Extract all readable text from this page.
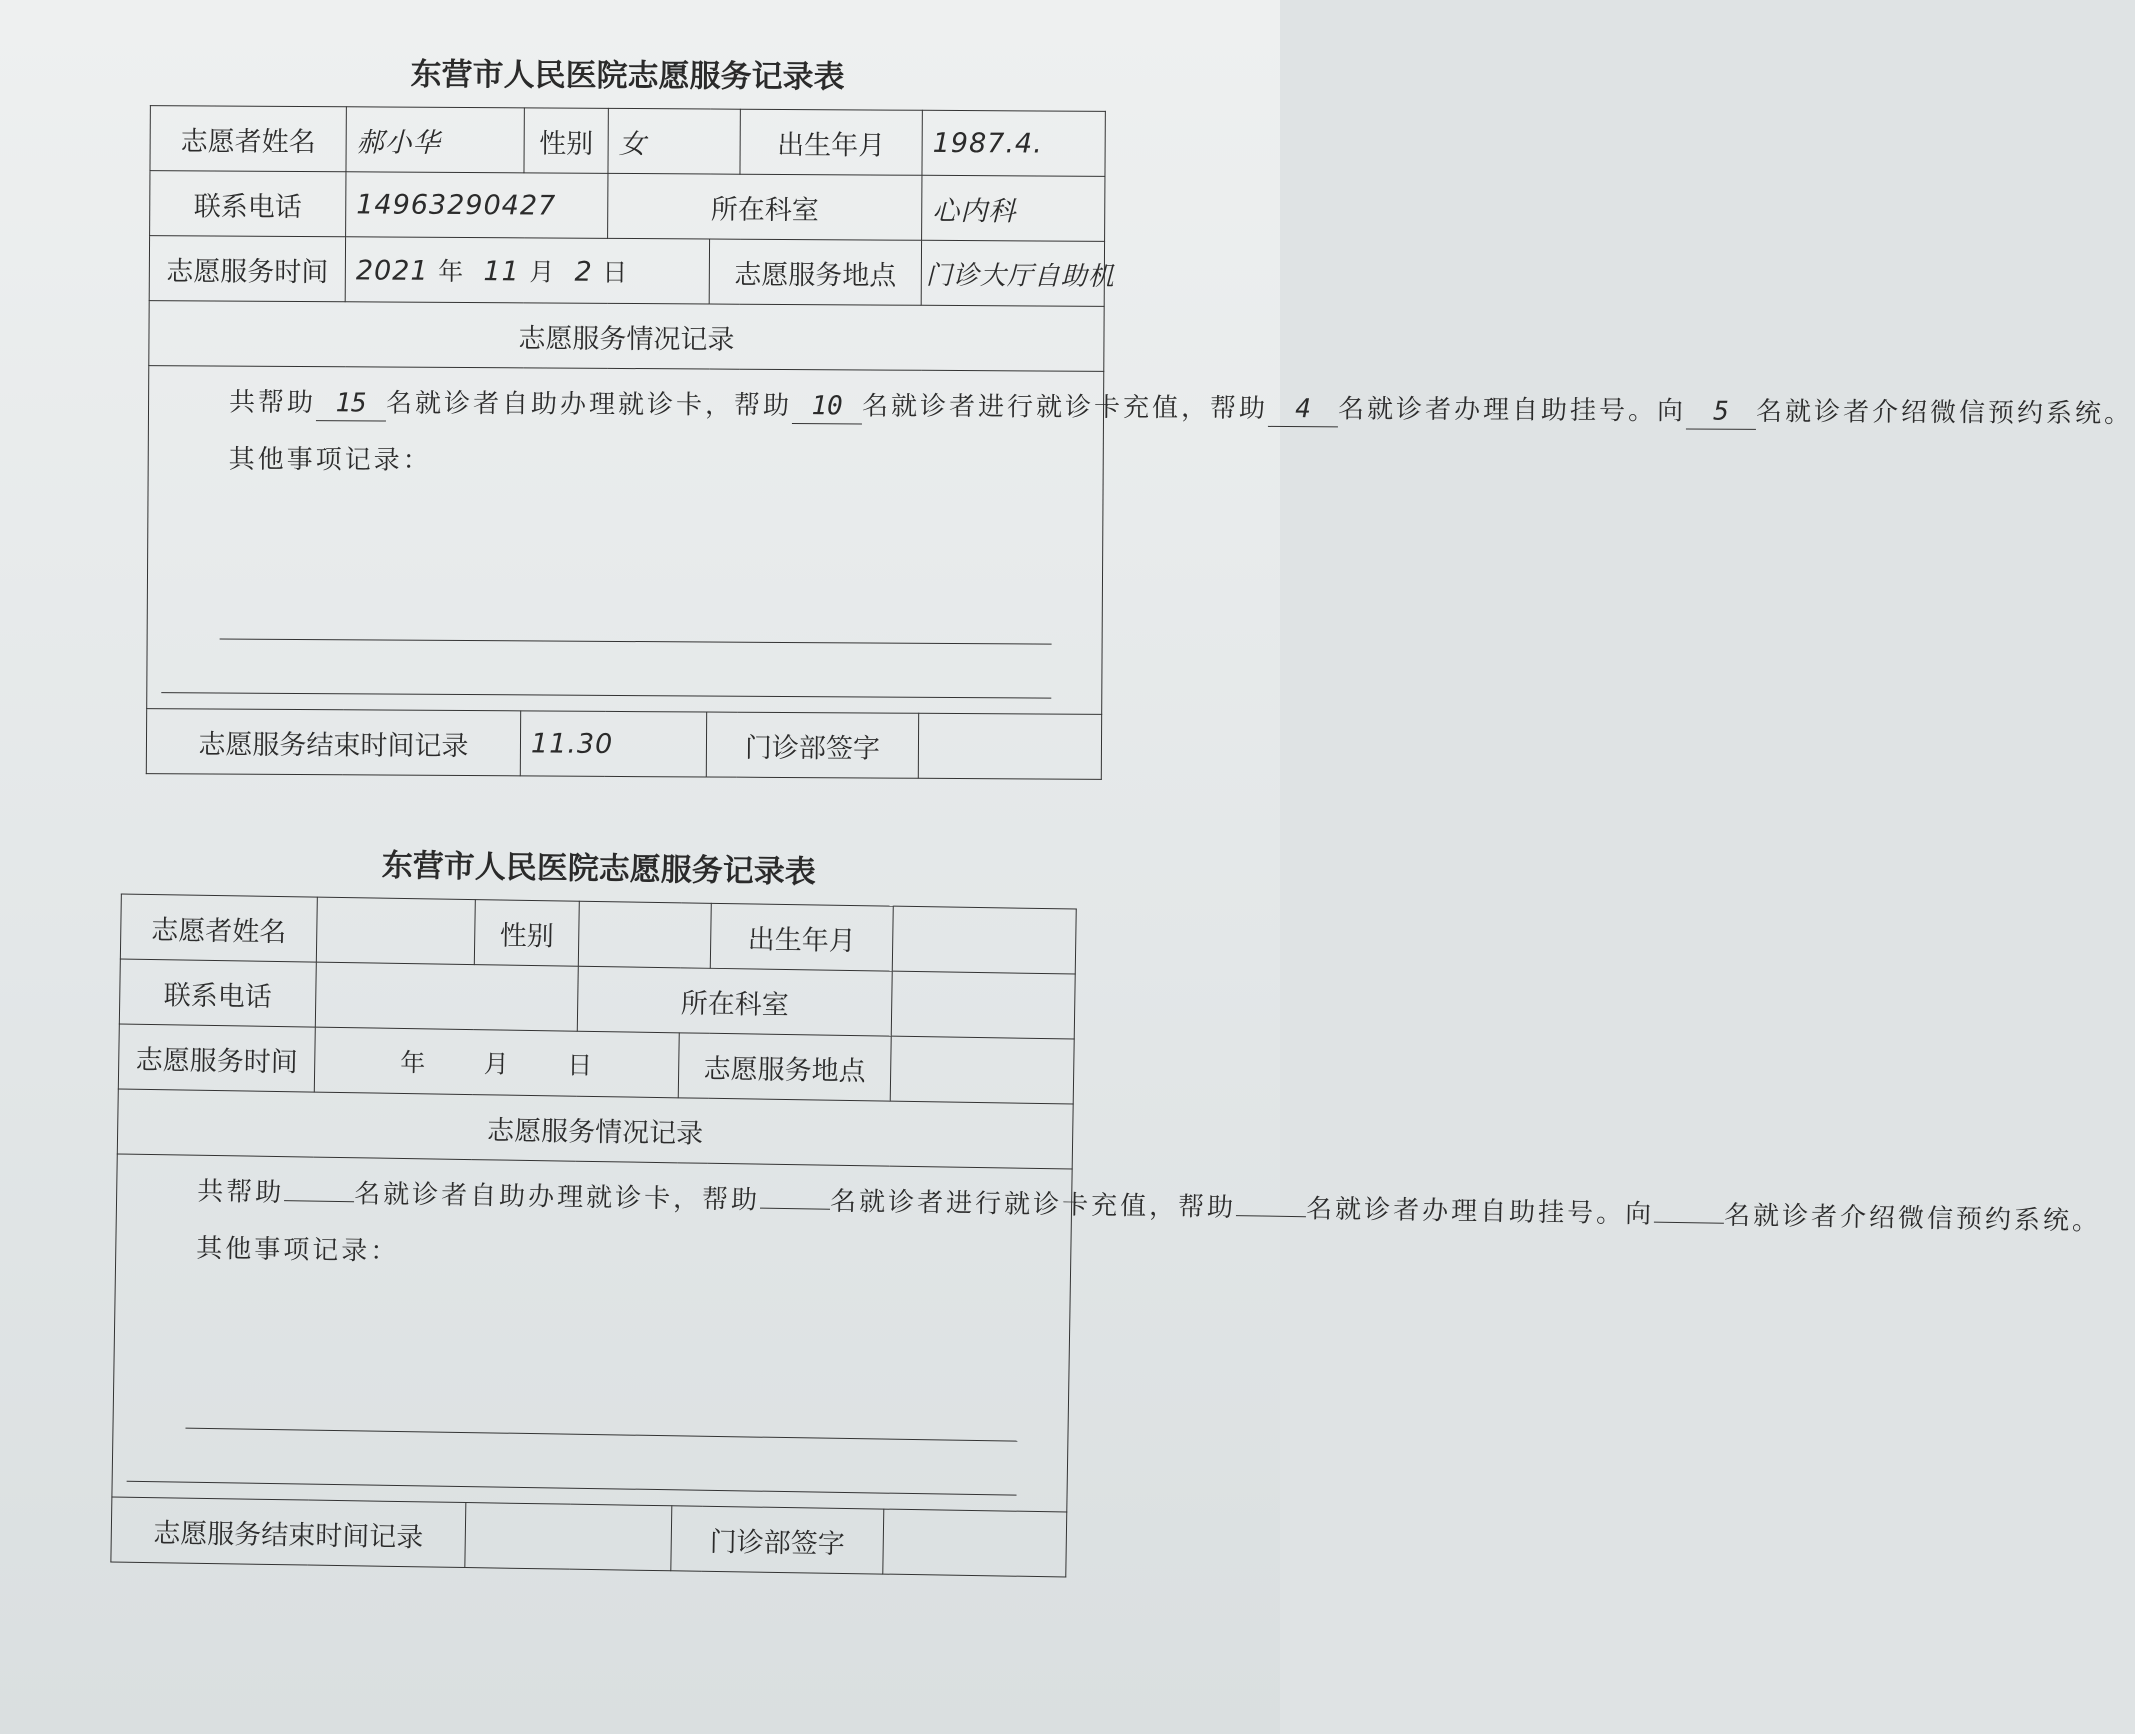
东营市人民医院志愿服务记录表
志愿者姓名	郝小华	性别	女		出生年月	1987.4.
联系电话	14963290427		所在科室			心内科
志愿服务时间	2021 年 11 月 2 日			志愿服务地点		门诊大厅自助机
志愿服务情况记录						

共帮助 15 名就诊者自助办理就诊卡，帮助 10 名就诊者进行就诊卡充值，帮助 4 名就诊者办理自助挂号。向 5 名就诊者介绍微信预约系统。

其他事项记录：						

志愿服务结束时间记录		11.30		门诊部签字		
东营市人民医院志愿服务记录表
志愿者姓名		性别			出生年月	
联系电话			所在科室			
志愿服务时间	年 月 日			志愿服务地点		
志愿服务情况记录						

共帮助 名就诊者自助办理就诊卡，帮助 名就诊者进行就诊卡充值，帮助 名就诊者办理自助挂号。向 名就诊者介绍微信预约系统。

其他事项记录：						

志愿服务结束时间记录				门诊部签字		
